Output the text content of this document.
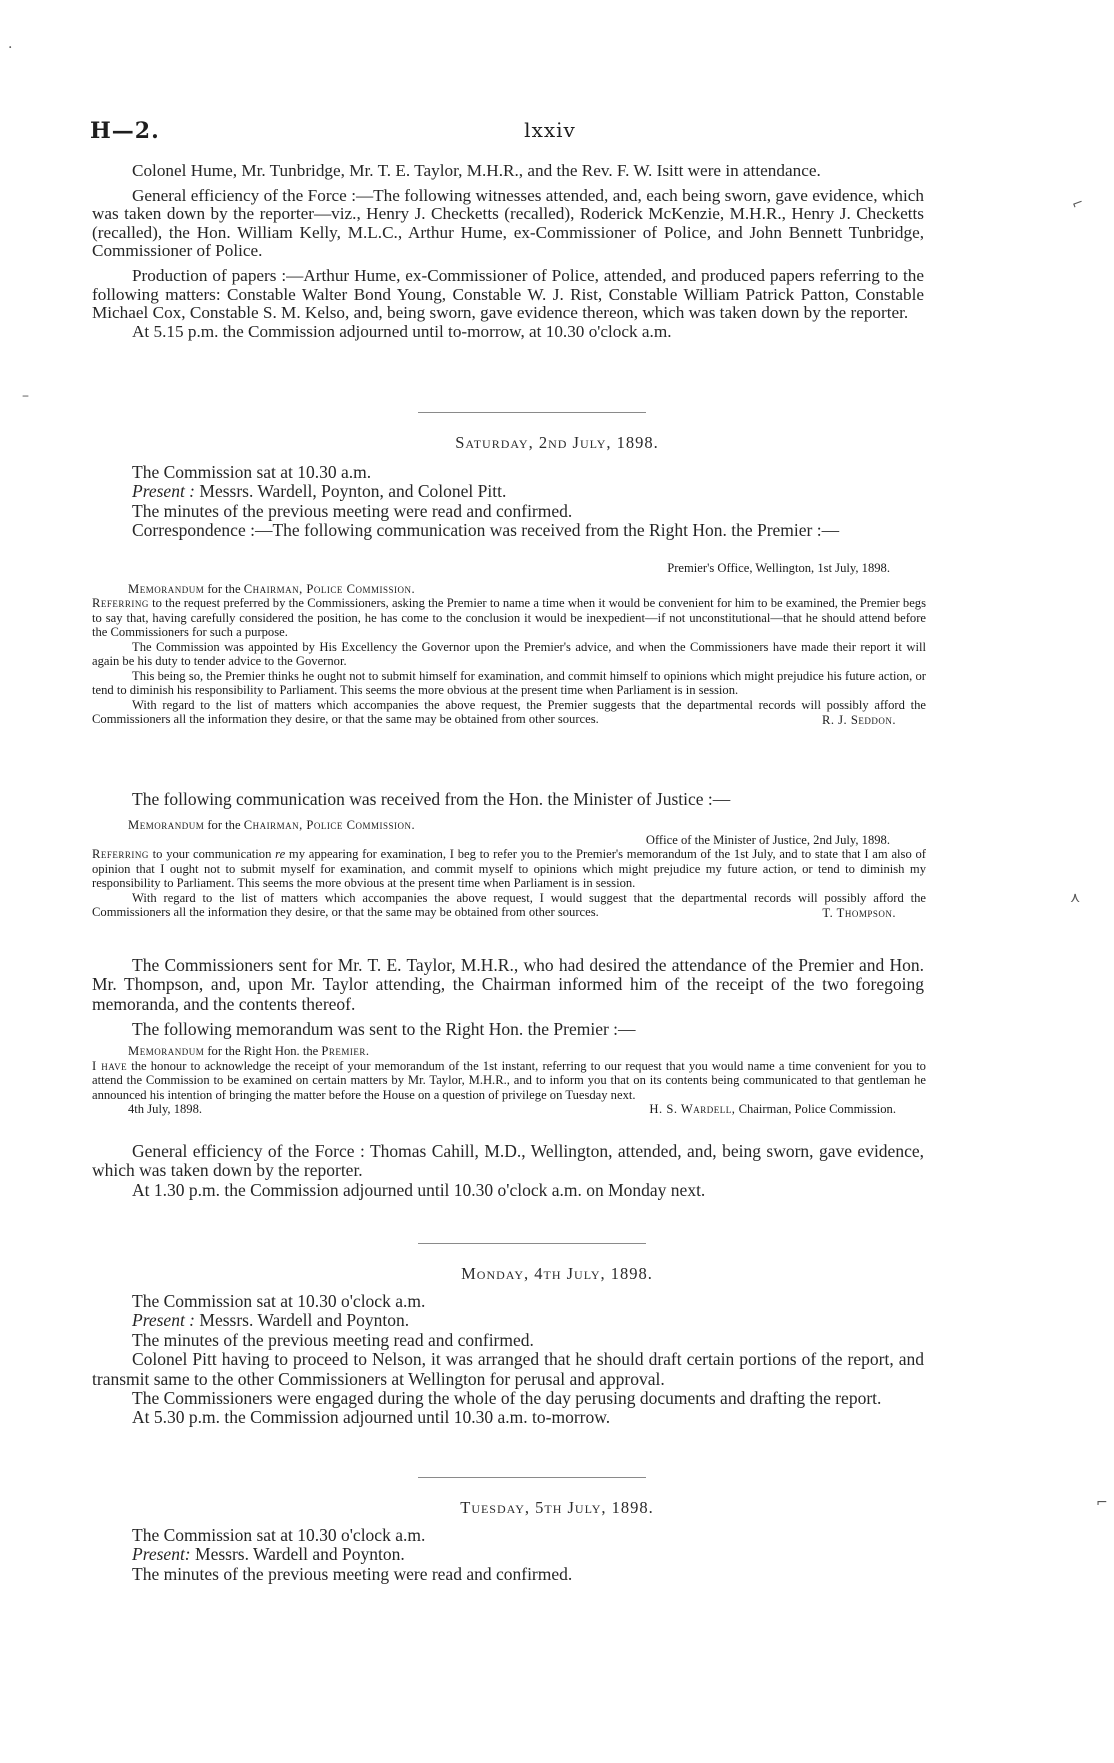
H—2.	lxxiv

Colonel Hume, Mr. Tunbridge, Mr. T. E. Taylor, M.H.R., and the Rev. F. W. Isitt were in attendance.

General efficiency of the Force :—The following witnesses attended, and, each being sworn, gave evidence, which was taken down by the reporter—viz., Henry J. Checketts (recalled), Roderick McKenzie, M.H.R., Henry J. Checketts (recalled), the Hon. William Kelly, M.L.C., Arthur Hume, ex-Commissioner of Police, and John Bennett Tunbridge, Commissioner of Police.

Production of papers :—Arthur Hume, ex-Commissioner of Police, attended, and produced papers referring to the following matters: Constable Walter Bond Young, Constable W. J. Rist, Constable William Patrick Patton, Constable Michael Cox, Constable S. M. Kelso, and, being sworn, gave evidence thereon, which was taken down by the reporter.

At 5.15 p.m. the Commission adjourned until to-morrow, at 10.30 o'clock a.m.

Saturday, 2nd July, 1898.

The Commission sat at 10.30 a.m.

Present : Messrs. Wardell, Poynton, and Colonel Pitt.

The minutes of the previous meeting were read and confirmed.

Correspondence :—The following communication was received from the Right Hon. the Premier :—

Premier's Office, Wellington, 1st July, 1898.

Memorandum for the Chairman, Police Commission.

Referring to the request preferred by the Commissioners, asking the Premier to name a time when it would be convenient for him to be examined, the Premier begs to say that, having carefully considered the position, he has come to the conclusion it would be inexpedient—if not unconstitutional—that he should attend before the Commissioners for such a purpose.

The Commission was appointed by His Excellency the Governor upon the Premier's advice, and when the Commissioners have made their report it will again be his duty to tender advice to the Governor.

This being so, the Premier thinks he ought not to submit himself for examination, and commit himself to opinions which might prejudice his future action, or tend to diminish his responsibility to Parliament. This seems the more obvious at the present time when Parliament is in session.

With regard to the list of matters which accompanies the above request, the Premier suggests that the departmental records will possibly afford the Commissioners all the information they desire, or that the same may be obtained from other sources.	R. J. Seddon.

The following communication was received from the Hon. the Minister of Justice :—

Memorandum for the Chairman, Police Commission.

Office of the Minister of Justice, 2nd July, 1898.

Referring to your communication re my appearing for examination, I beg to refer you to the Premier's memorandum of the 1st July, and to state that I am also of opinion that I ought not to submit myself for examination, and commit myself to opinions which might prejudice my future action, or tend to diminish my responsibility to Parliament. This seems the more obvious at the present time when Parliament is in session.

With regard to the list of matters which accompanies the above request, I would suggest that the departmental records will possibly afford the Commissioners all the information they desire, or that the same may be obtained from other sources.	T. Thompson.

The Commissioners sent for Mr. T. E. Taylor, M.H.R., who had desired the attendance of the Premier and Hon. Mr. Thompson, and, upon Mr. Taylor attending, the Chairman informed him of the receipt of the two foregoing memoranda, and the contents thereof.

The following memorandum was sent to the Right Hon. the Premier :—

Memorandum for the Right Hon. the Premier.

I have the honour to acknowledge the receipt of your memorandum of the 1st instant, referring to our request that you would name a time convenient for you to attend the Commission to be examined on certain matters by Mr. Taylor, M.H.R., and to inform you that on its contents being communicated to that gentleman he announced his intention of bringing the matter before the House on a question of privilege on Tuesday next.

4th July, 1898.	H. S. Wardell, Chairman, Police Commission.

General efficiency of the Force : Thomas Cahill, M.D., Wellington, attended, and, being sworn, gave evidence, which was taken down by the reporter.

At 1.30 p.m. the Commission adjourned until 10.30 o'clock a.m. on Monday next.

Monday, 4th July, 1898.

The Commission sat at 10.30 o'clock a.m.

Present : Messrs. Wardell and Poynton.

The minutes of the previous meeting read and confirmed.

Colonel Pitt having to proceed to Nelson, it was arranged that he should draft certain portions of the report, and transmit same to the other Commissioners at Wellington for perusal and approval.

The Commissioners were engaged during the whole of the day perusing documents and drafting the report.

At 5.30 p.m. the Commission adjourned until 10.30 a.m. to-morrow.

Tuesday, 5th July, 1898.

The Commission sat at 10.30 o'clock a.m.

Present: Messrs. Wardell and Poynton.

The minutes of the previous meeting were read and confirmed.

·
–
⌐
⋏
⌐
